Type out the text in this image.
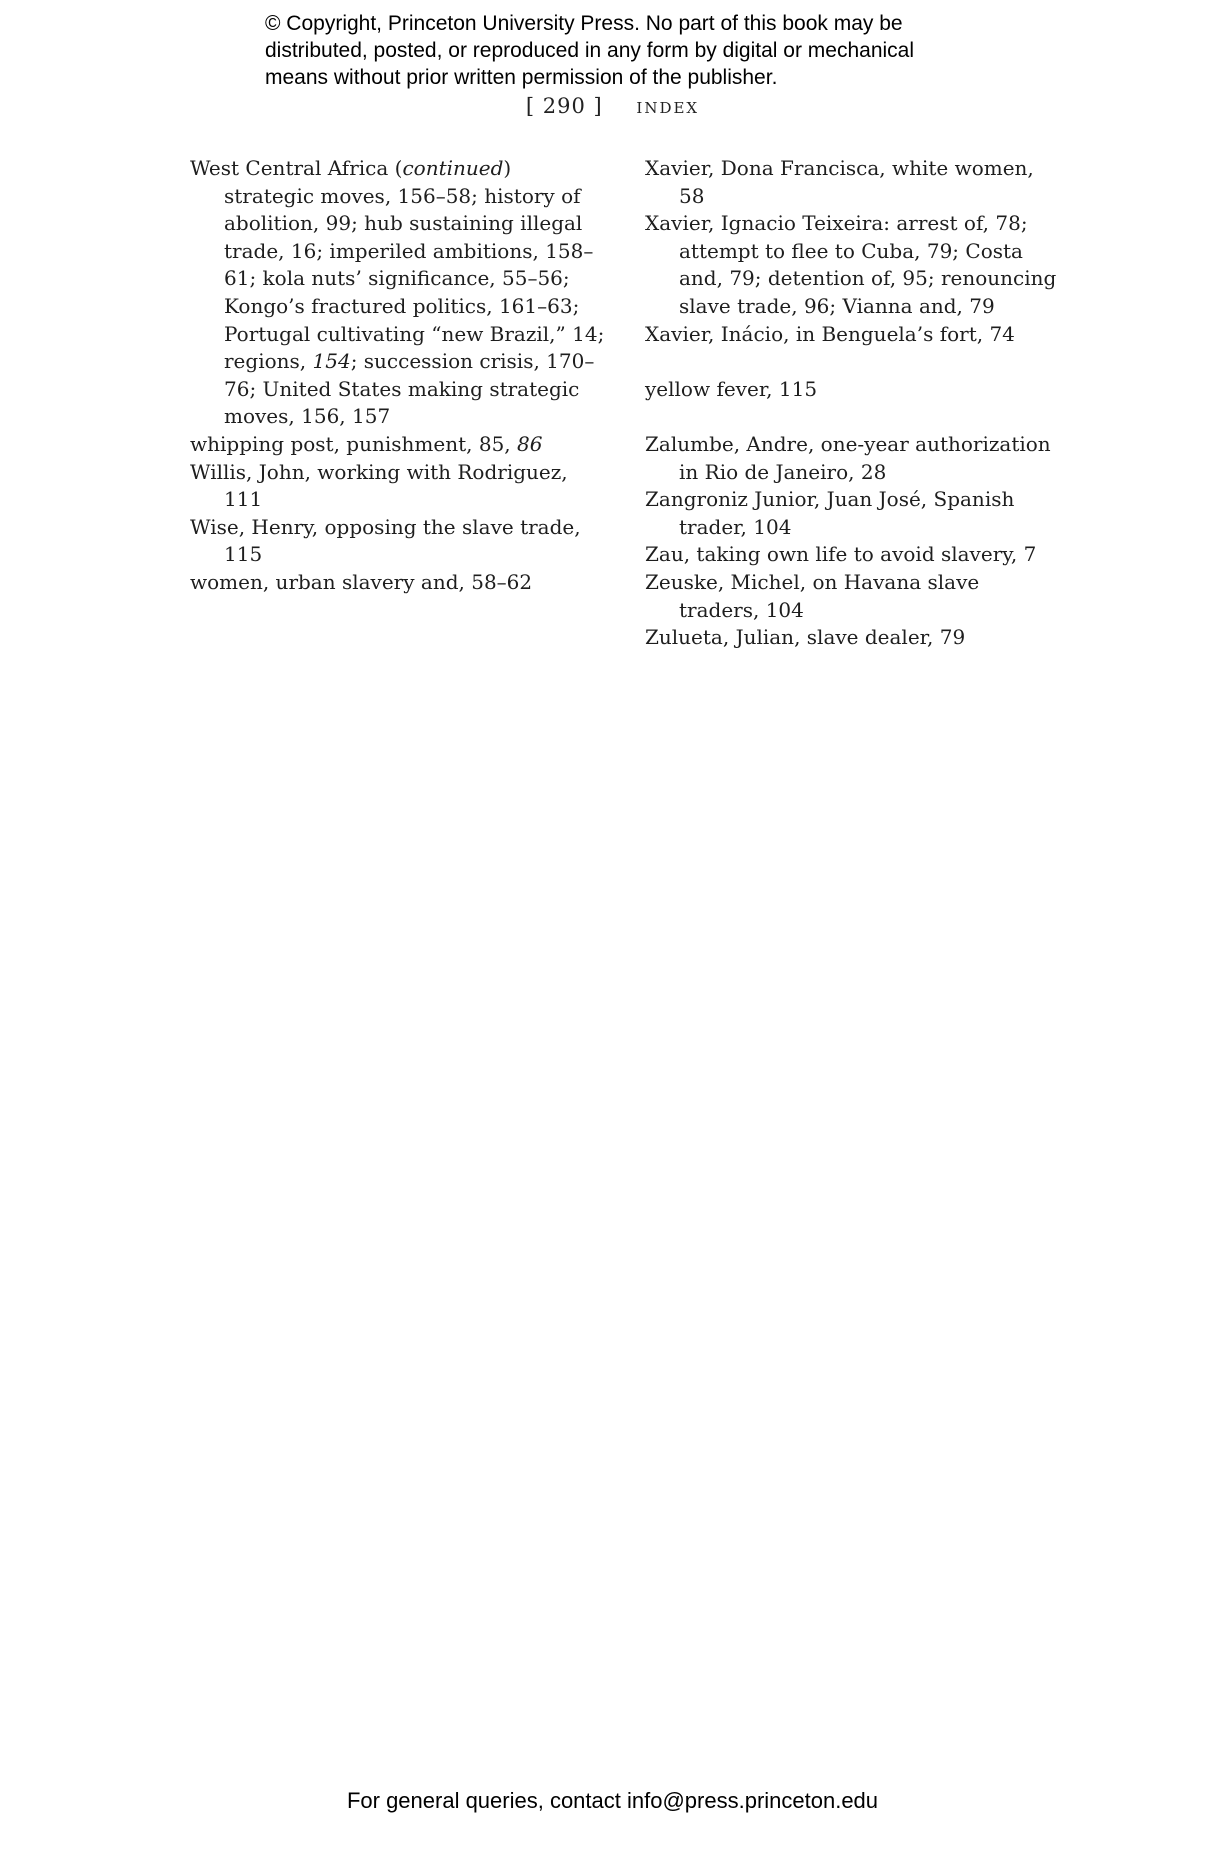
© Copyright, Princeton University Press. No part of this book may be
distributed, posted, or reproduced in any form by digital or mechanical
means without prior written permission of the publisher.
[ 290 ] index

West Central Africa (continued) strategic moves, 156–58; history of abolition, 99; hub sustaining illegal trade, 16; imperiled ambitions, 158–61; kola nuts’ significance, 55–56; Kongo’s fractured politics, 161–63; Portugal cultivating “new Brazil,” 14; regions, 154; succession crisis, 170–76; United States making strategic moves, 156, 157

whipping post, punishment, 85, 86

Willis, John, working with Rodriguez, 111

Wise, Henry, opposing the slave trade, 115

women, urban slavery and, 58–62

Xavier, Dona Francisca, white women, 58

Xavier, Ignacio Teixeira: arrest of, 78; attempt to flee to Cuba, 79; Costa and, 79; detention of, 95; renouncing slave trade, 96; Vianna and, 79

Xavier, Inácio, in Benguela’s fort, 74

yellow fever, 115

Zalumbe, Andre, one-year authorization in Rio de Janeiro, 28

Zangroniz Junior, Juan José, Spanish trader, 104

Zau, taking own life to avoid slavery, 7

Zeuske, Michel, on Havana slave traders, 104

Zulueta, Julian, slave dealer, 79

For general queries, contact info@press.princeton.edu
